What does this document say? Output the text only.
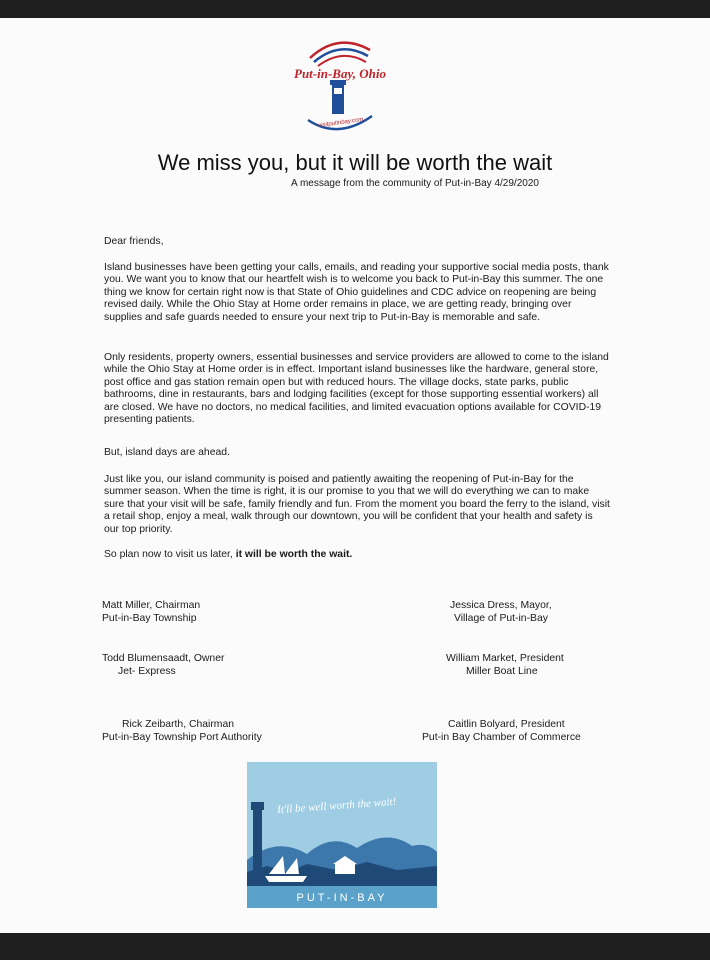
Put-in-Bay, Ohio
visitputinbay.com
We miss you, but it will be worth the wait
A message from the community of Put-in-Bay 4/29/2020

Dear friends,

Island businesses have been getting your calls, emails, and reading your supportive social media posts, thank you. We want you to know that our heartfelt wish is to welcome you back to Put-in-Bay this summer. The one thing we know for certain right now is that State of Ohio guidelines and CDC advice on reopening are being revised daily. While the Ohio Stay at Home order remains in place, we are getting ready, bringing over supplies and safe guards needed to ensure your next trip to Put-in-Bay is memorable and safe.

Only residents, property owners, essential businesses and service providers are allowed to come to the island while the Ohio Stay at Home order is in effect. Important island businesses like the hardware, general store, post office and gas station remain open but with reduced hours. The village docks, state parks, public bathrooms, dine in restaurants, bars and lodging facilities (except for those supporting essential workers) all are closed. We have no doctors, no medical facilities, and limited evacuation options available for COVID-19 presenting patients.

But, island days are ahead.

Just like you, our island community is poised and patiently awaiting the reopening of Put-in-Bay for the summer season. When the time is right, it is our promise to you that we will do everything we can to make sure that your visit will be safe, family friendly and fun. From the moment you board the ferry to the island, visit a retail shop, enjoy a meal, walk through our downtown, you will be confident that your health and safety is our top priority.

So plan now to visit us later, it will be worth the wait.

Matt Miller, Chairman
Put-in-Bay Township
Jessica Dress, Mayor,
Village of Put-in-Bay
Todd Blumensaadt, Owner
Jet- Express
William Market, President
Miller Boat Line
Rick Zeibarth, Chairman
Put-in-Bay Township Port Authority
Caitlin Bolyard, President
Put-in Bay Chamber of Commerce
It'll be well worth the wait!
PUT-IN-BAY
